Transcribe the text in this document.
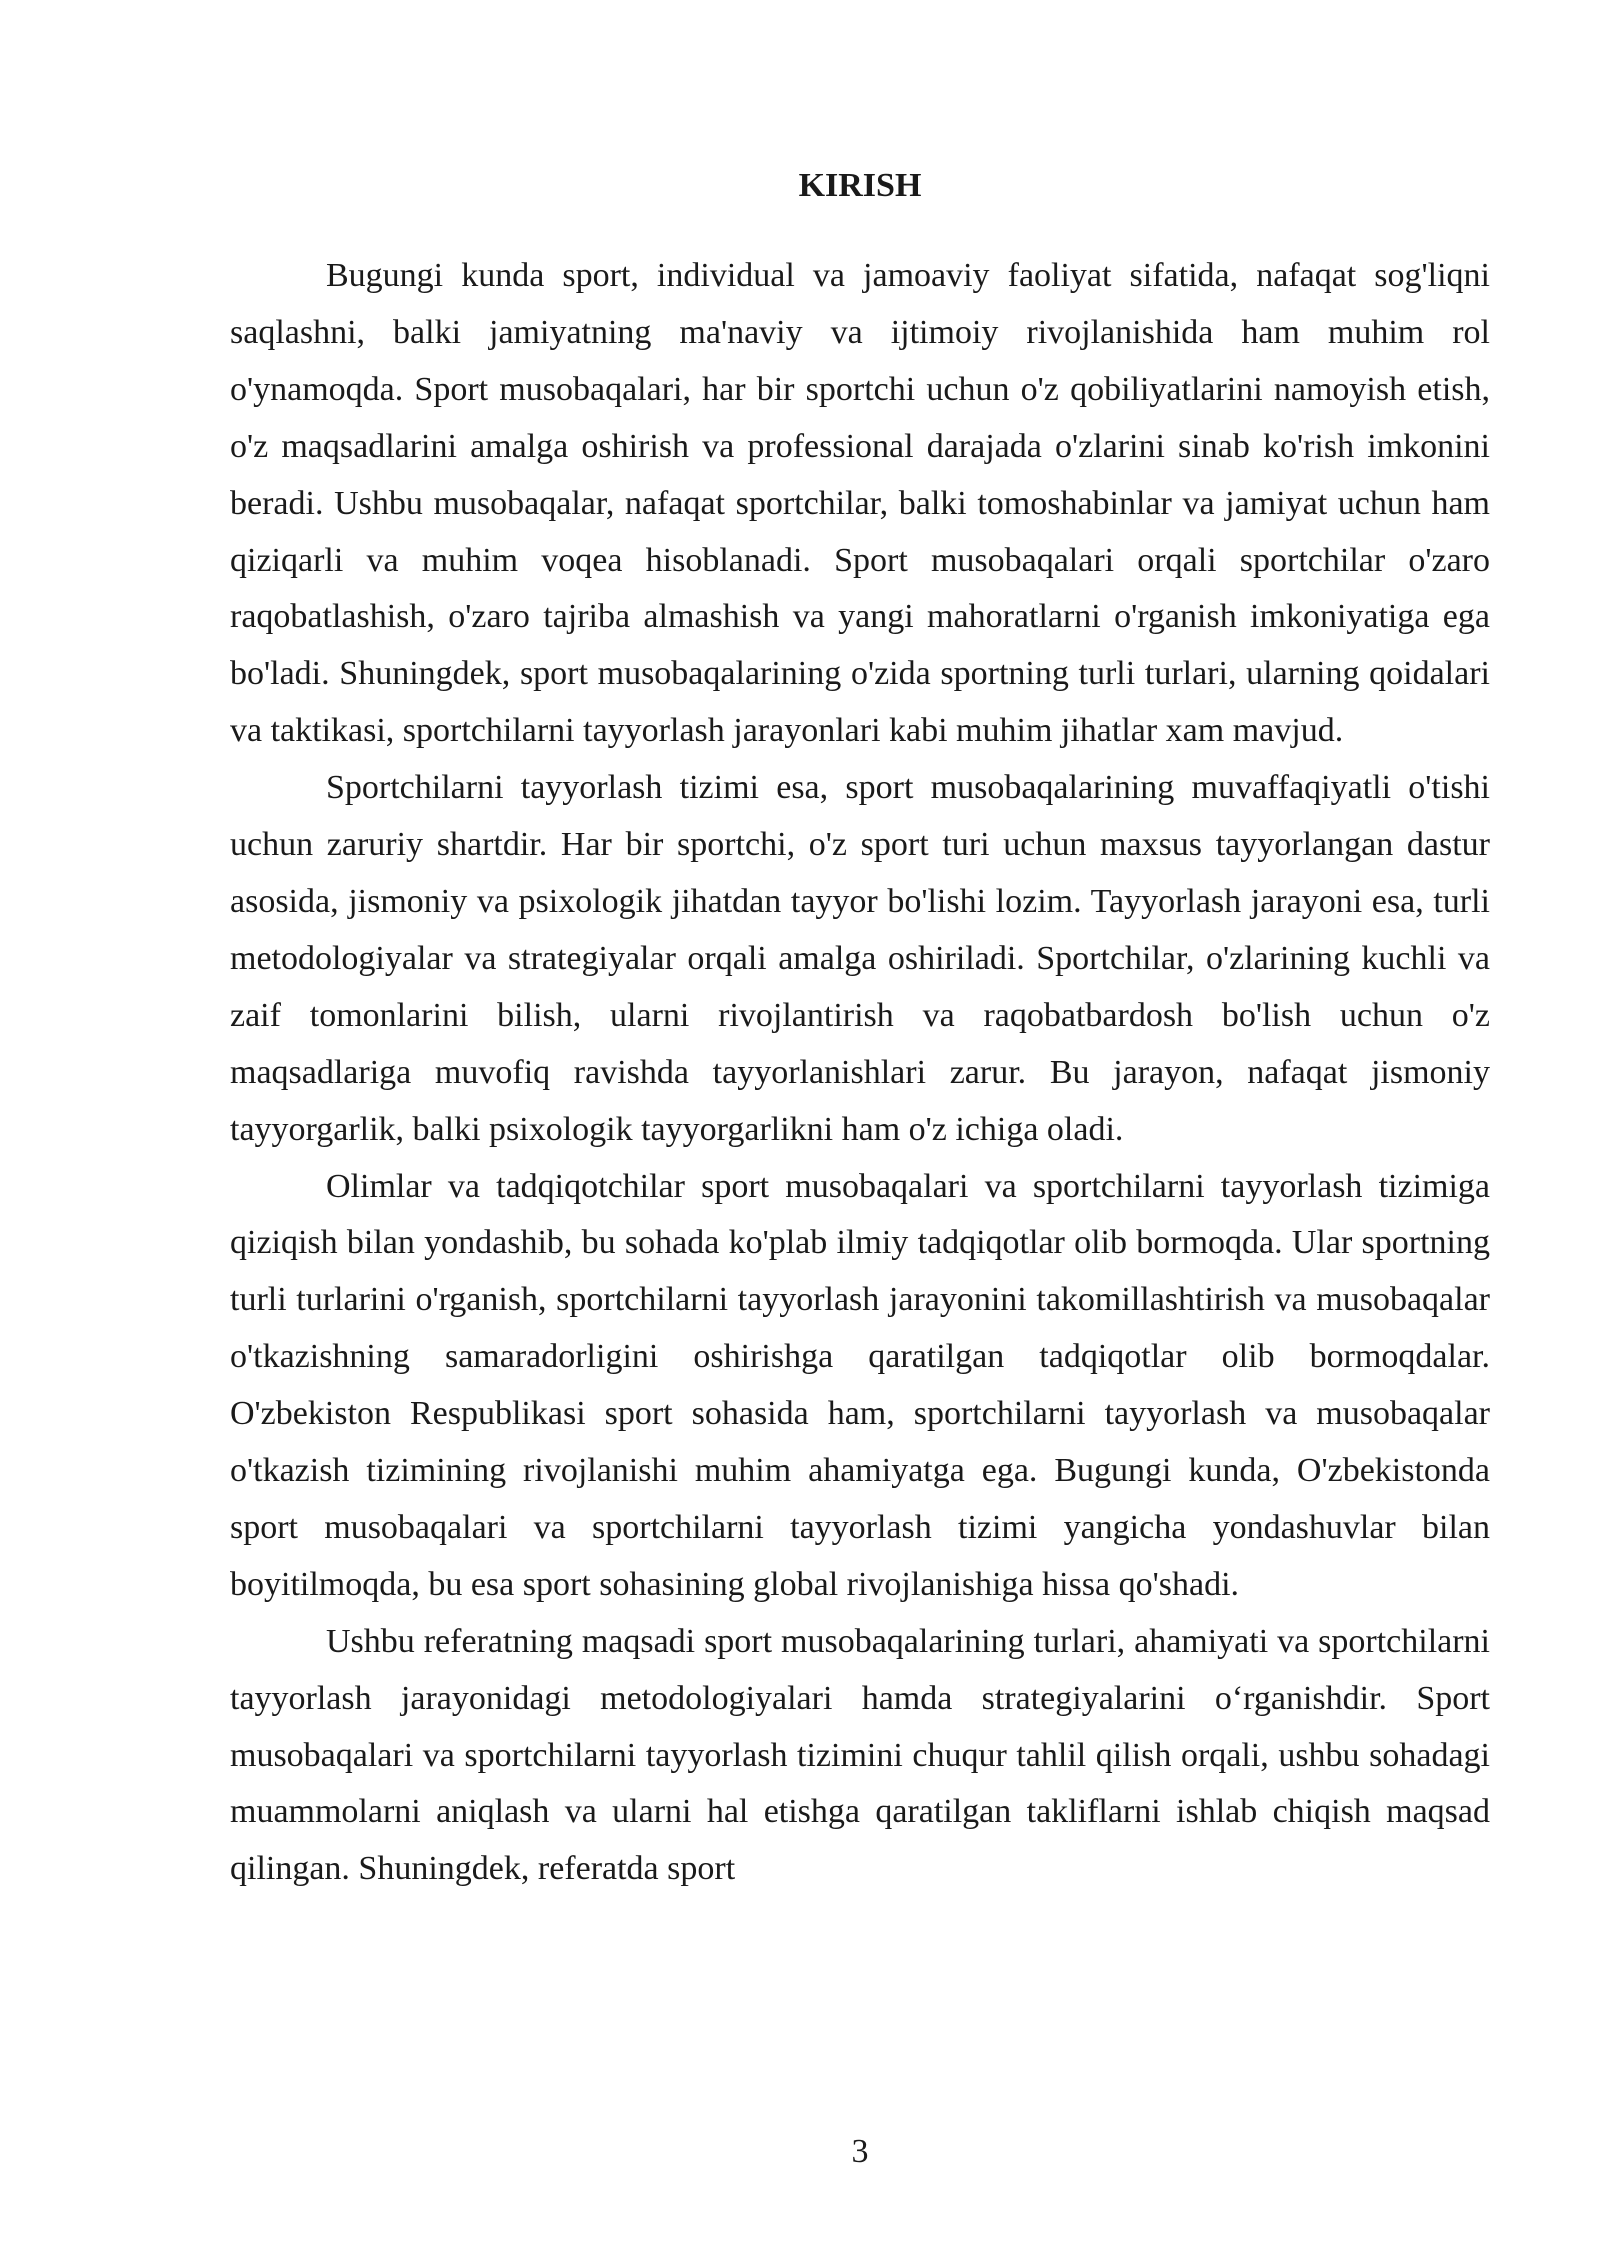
KIRISH

Bugungi kunda sport, individual va jamoaviy faoliyat sifatida, nafaqat sog'liqni saqlashni, balki jamiyatning ma'naviy va ijtimoiy rivojlanishida ham muhim rol o'ynamoqda. Sport musobaqalari, har bir sportchi uchun o'z qobiliyatlarini namoyish etish, o'z maqsadlarini amalga oshirish va professional darajada o'zlarini sinab ko'rish imkonini beradi. Ushbu musobaqalar, nafaqat sportchilar, balki tomoshabinlar va jamiyat uchun ham qiziqarli va muhim voqea hisoblanadi. Sport musobaqalari orqali sportchilar o'zaro raqobatlashish, o'zaro tajriba almashish va yangi mahoratlarni o'rganish imkoniyatiga ega bo'ladi. Shuningdek, sport musobaqalarining o'zida sportning turli turlari, ularning qoidalari va taktikasi, sportchilarni tayyorlash jarayonlari kabi muhim jihatlar xam mavjud.

Sportchilarni tayyorlash tizimi esa, sport musobaqalarining muvaffaqiyatli o'tishi uchun zaruriy shartdir. Har bir sportchi, o'z sport turi uchun maxsus tayyorlangan dastur asosida, jismoniy va psixologik jihatdan tayyor bo'lishi lozim. Tayyorlash jarayoni esa, turli metodologiyalar va strategiyalar orqali amalga oshiriladi. Sportchilar, o'zlarining kuchli va zaif tomonlarini bilish, ularni rivojlantirish va raqobatbardosh bo'lish uchun o'z maqsadlariga muvofiq ravishda tayyorlanishlari zarur. Bu jarayon, nafaqat jismoniy tayyorgarlik, balki psixologik tayyorgarlikni ham o'z ichiga oladi.

Olimlar va tadqiqotchilar sport musobaqalari va sportchilarni tayyorlash tizimiga qiziqish bilan yondashib, bu sohada ko'plab ilmiy tadqiqotlar olib bormoqda. Ular sportning turli turlarini o'rganish, sportchilarni tayyorlash jarayonini takomillashtirish va musobaqalar o'tkazishning samaradorligini oshirishga qaratilgan tadqiqotlar olib bormoqdalar. O'zbekiston Respublikasi sport sohasida ham, sportchilarni tayyorlash va musobaqalar o'tkazish tizimining rivojlanishi muhim ahamiyatga ega. Bugungi kunda, O'zbekistonda sport musobaqalari va sportchilarni tayyorlash tizimi yangicha yondashuvlar bilan boyitilmoqda, bu esa sport sohasining global rivojlanishiga hissa qo'shadi.

Ushbu referatning maqsadi sport musobaqalarining turlari, ahamiyati va sportchilarni tayyorlash jarayonidagi metodologiyalari hamda strategiyalarini o‘rganishdir. Sport musobaqalari va sportchilarni tayyorlash tizimini chuqur tahlil qilish orqali, ushbu sohadagi muammolarni aniqlash va ularni hal etishga qaratilgan takliflarni ishlab chiqish maqsad qilingan. Shuningdek, referatda sport

3
